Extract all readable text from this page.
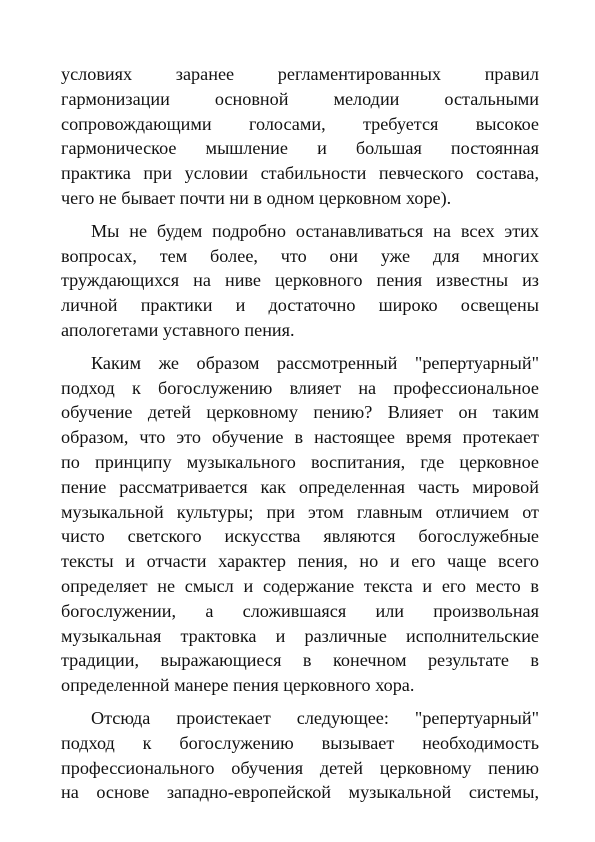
условиях заранее регламентированных правил
гармонизации основной мелодии остальными
сопровождающими голосами, требуется высокое
гармоническое мышление и большая постоянная
практика при условии стабильности певческого состава,
чего не бывает почти ни в одном церковном хоре).
Мы не будем подробно останавливаться на всех этих
вопросах, тем более, что они уже для многих
труждающихся на ниве церковного пения известны из
личной практики и достаточно широко освещены
апологетами уставного пения.
Каким же образом рассмотренный "репертуарный"
подход к богослужению влияет на профессиональное
обучение детей церковному пению? Влияет он таким
образом, что это обучение в настоящее время протекает
по принципу музыкального воспитания, где церковное
пение рассматривается как определенная часть мировой
музыкальной культуры; при этом главным отличием от
чисто светского искусства являются богослужебные
тексты и отчасти характер пения, но и его чаще всего
определяет не смысл и содержание текста и его место в
богослужении, а сложившаяся или произвольная
музыкальная трактовка и различные исполнительские
традиции, выражающиеся в конечном результате в
определенной манере пения церковного хора.
Отсюда проистекает следующее: "репертуарный"
подход к богослужению вызывает необходимость
профессионального обучения детей церковному пению
на основе западно-европейской музыкальной системы,
